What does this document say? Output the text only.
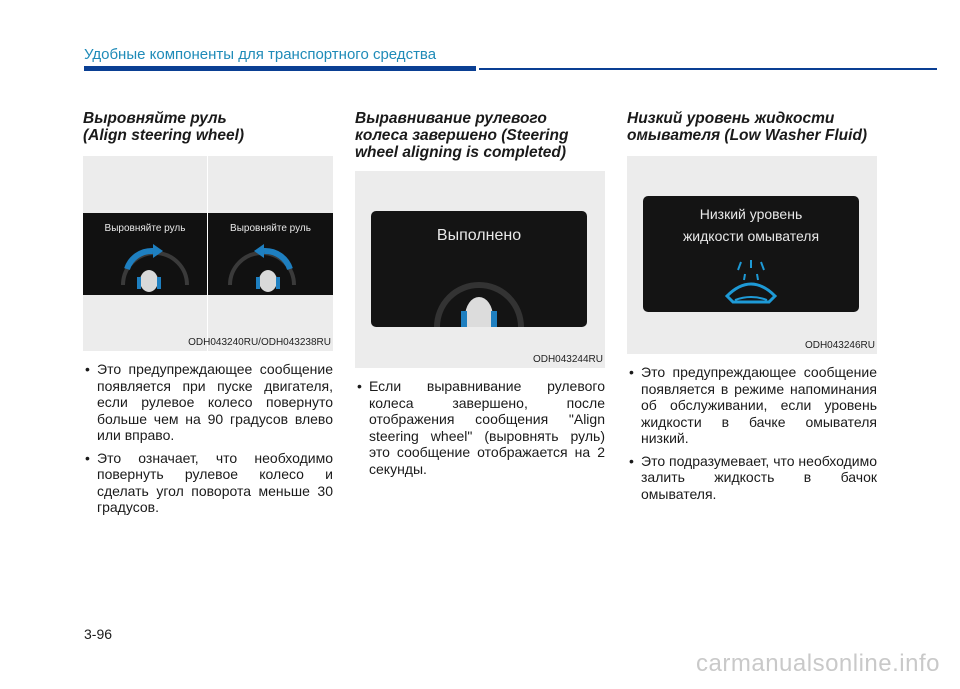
Удобные компоненты для транспортного средства
Выровняйте руль
(Align steering wheel)
Выровняйте руль	Выровняйте руль
ODH043240RU/ODH043238RU
• Это предупреждающее сообщение появляется при пуске двигателя, если рулевое колесо повернуто больше чем на 90 градусов влево или вправо.
• Это означает, что необходимо повернуть рулевое колесо и сделать угол поворота меньше 30 градусов.
Выравнивание рулевого
колеса завершено (Steering
wheel aligning is completed)
Выполнено
ODH043244RU
• Если выравнивание рулевого колеса завершено, после отображения сообщения "Align steering wheel" (выровнять руль) это сообщение отображается на 2 секунды.
Низкий уровень жидкости
омывателя (Low Washer Fluid)
Низкий уровень
жидкости омывателя
ODH043246RU
• Это предупреждающее сообщение появляется в режиме напоминания об обслуживании, если уровень жидкости в бачке омывателя низкий.
• Это подразумевает, что необходимо залить жидкость в бачок омывателя.
3-96
carmanualsonline.info
